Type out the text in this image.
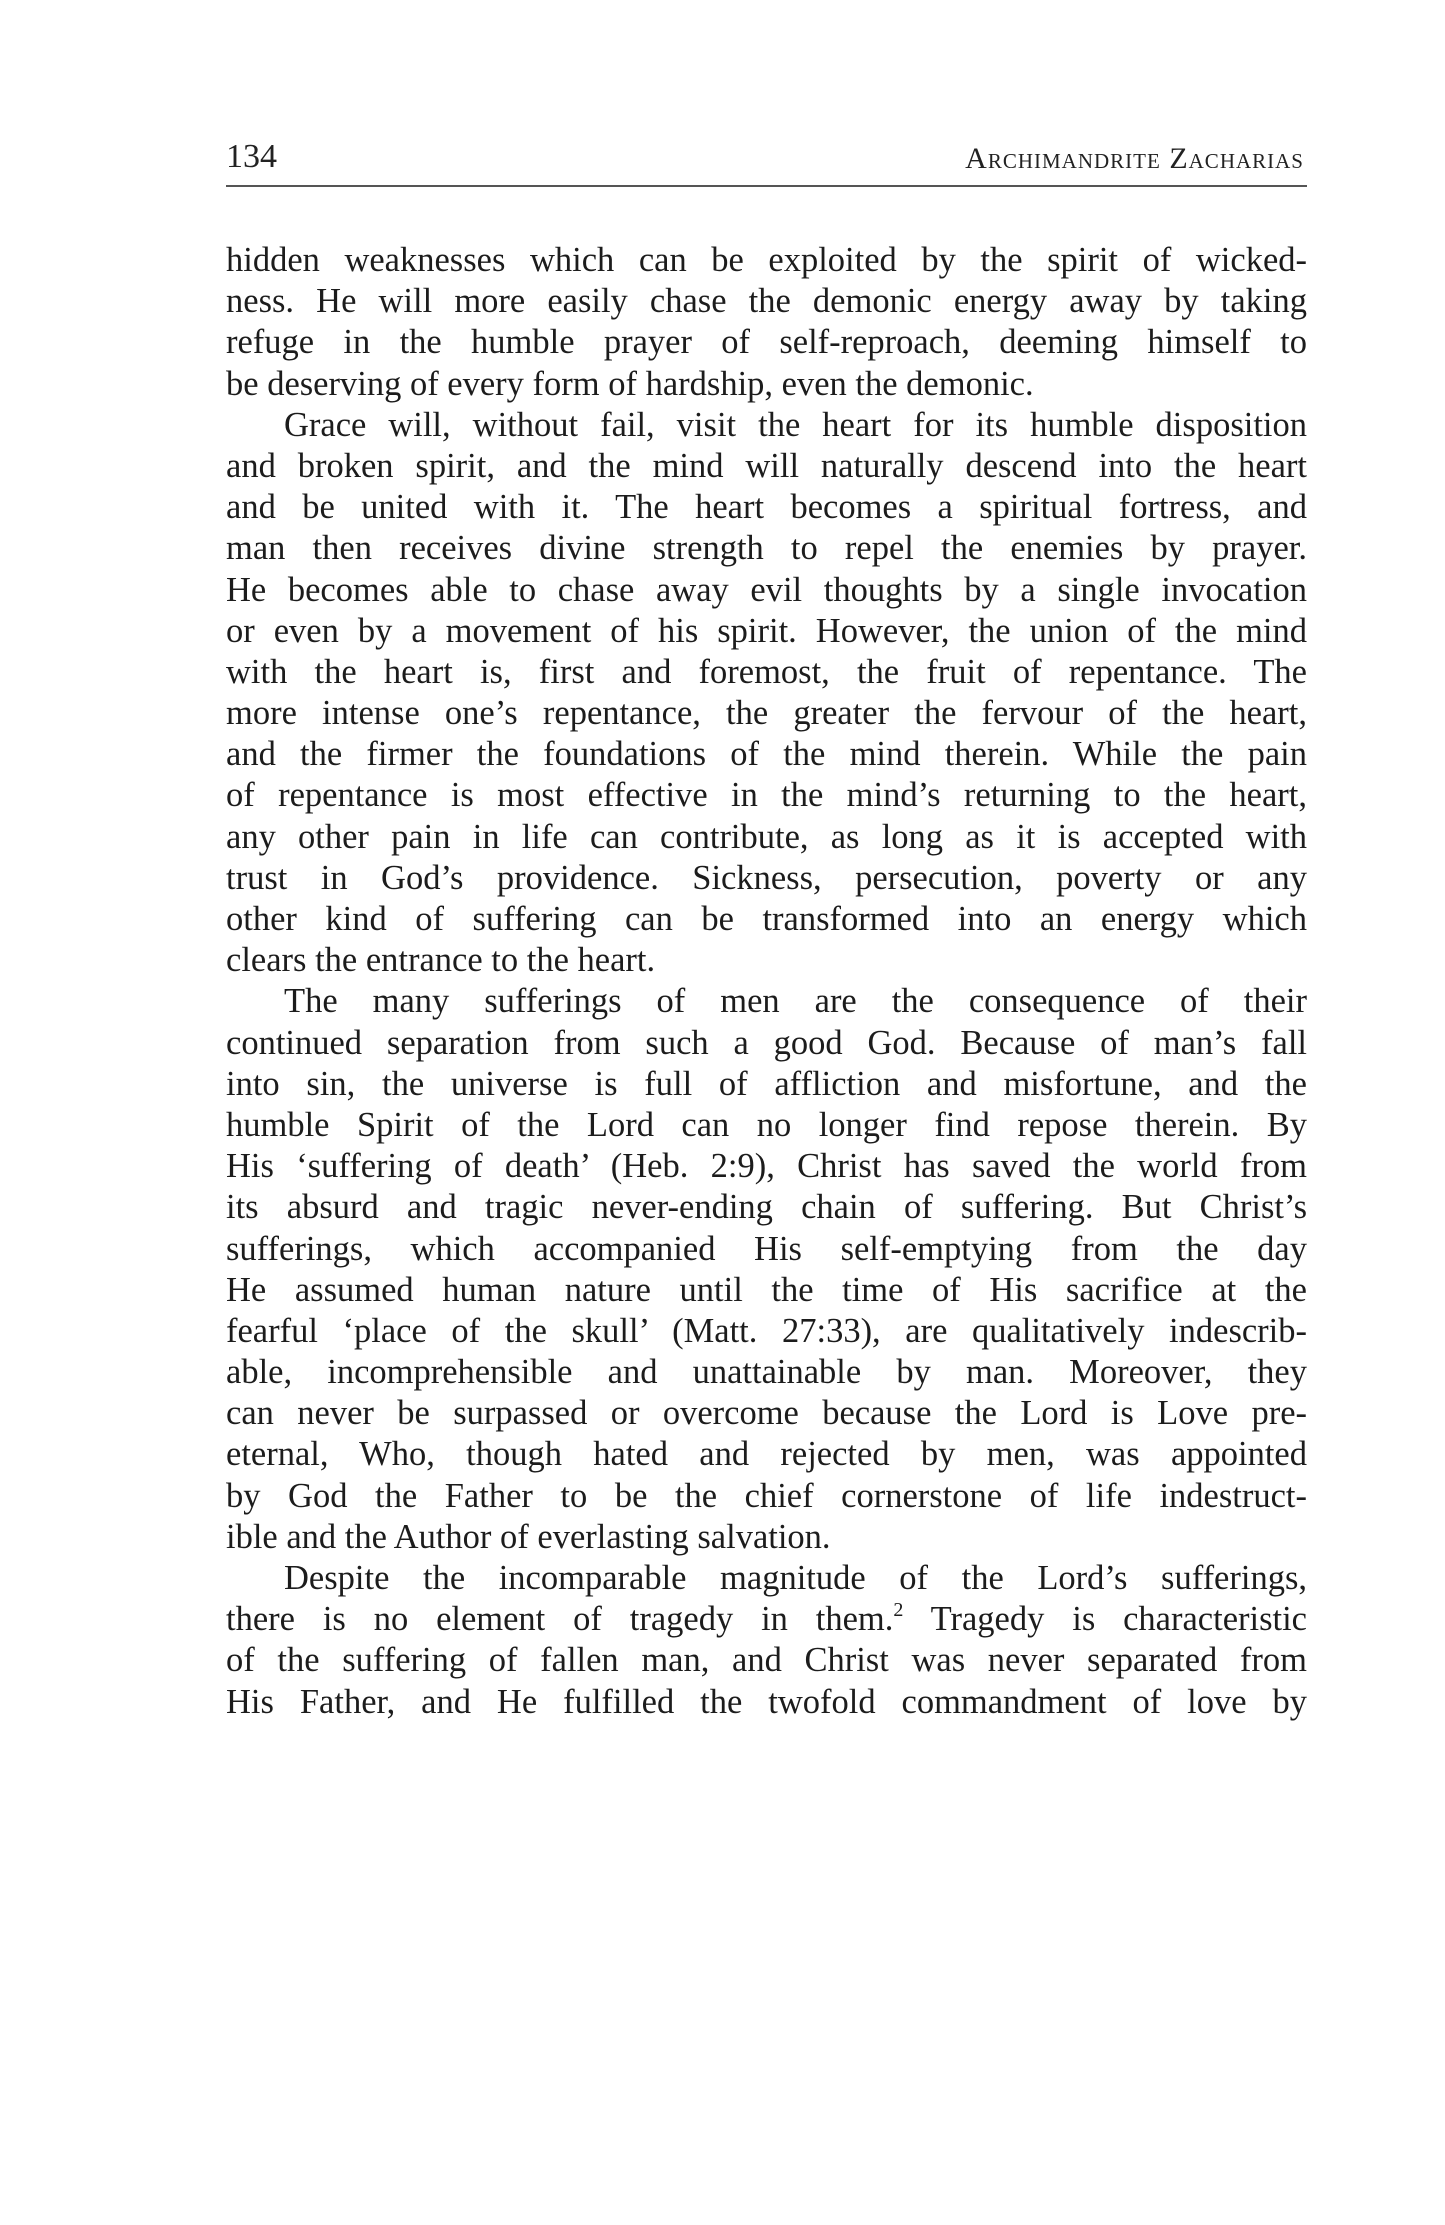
134	Archimandrite Zacharias
hidden weaknesses which can be exploited by the spirit of wicked-
ness. He will more easily chase the demonic energy away by taking
refuge in the humble prayer of self-reproach, deeming himself to
be deserving of every form of hardship, even the demonic.
Grace will, without fail, visit the heart for its humble disposition
and broken spirit, and the mind will naturally descend into the heart
and be united with it. The heart becomes a spiritual fortress, and
man then receives divine strength to repel the enemies by prayer.
He becomes able to chase away evil thoughts by a single invocation
or even by a movement of his spirit. However, the union of the mind
with the heart is, first and foremost, the fruit of repentance. The
more intense one’s repentance, the greater the fervour of the heart,
and the firmer the foundations of the mind therein. While the pain
of repentance is most effective in the mind’s returning to the heart,
any other pain in life can contribute, as long as it is accepted with
trust in God’s providence. Sickness, persecution, poverty or any
other kind of suffering can be transformed into an energy which
clears the entrance to the heart.
The many sufferings of men are the consequence of their
continued separation from such a good God. Because of man’s fall
into sin, the universe is full of affliction and misfortune, and the
humble Spirit of the Lord can no longer find repose therein. By
His ‘suffering of death’ (Heb. 2:9), Christ has saved the world from
its absurd and tragic never-ending chain of suffering. But Christ’s
sufferings, which accompanied His self-emptying from the day
He assumed human nature until the time of His sacrifice at the
fearful ‘place of the skull’ (Matt. 27:33), are qualitatively indescrib-
able, incomprehensible and unattainable by man. Moreover, they
can never be surpassed or overcome because the Lord is Love pre-
eternal, Who, though hated and rejected by men, was appointed
by God the Father to be the chief cornerstone of life indestruct-
ible and the Author of everlasting salvation.
Despite the incomparable magnitude of the Lord’s sufferings,
there is no element of tragedy in them.$^2$ Tragedy is characteristic
of the suffering of fallen man, and Christ was never separated from
His Father, and He fulfilled the twofold commandment of love by
